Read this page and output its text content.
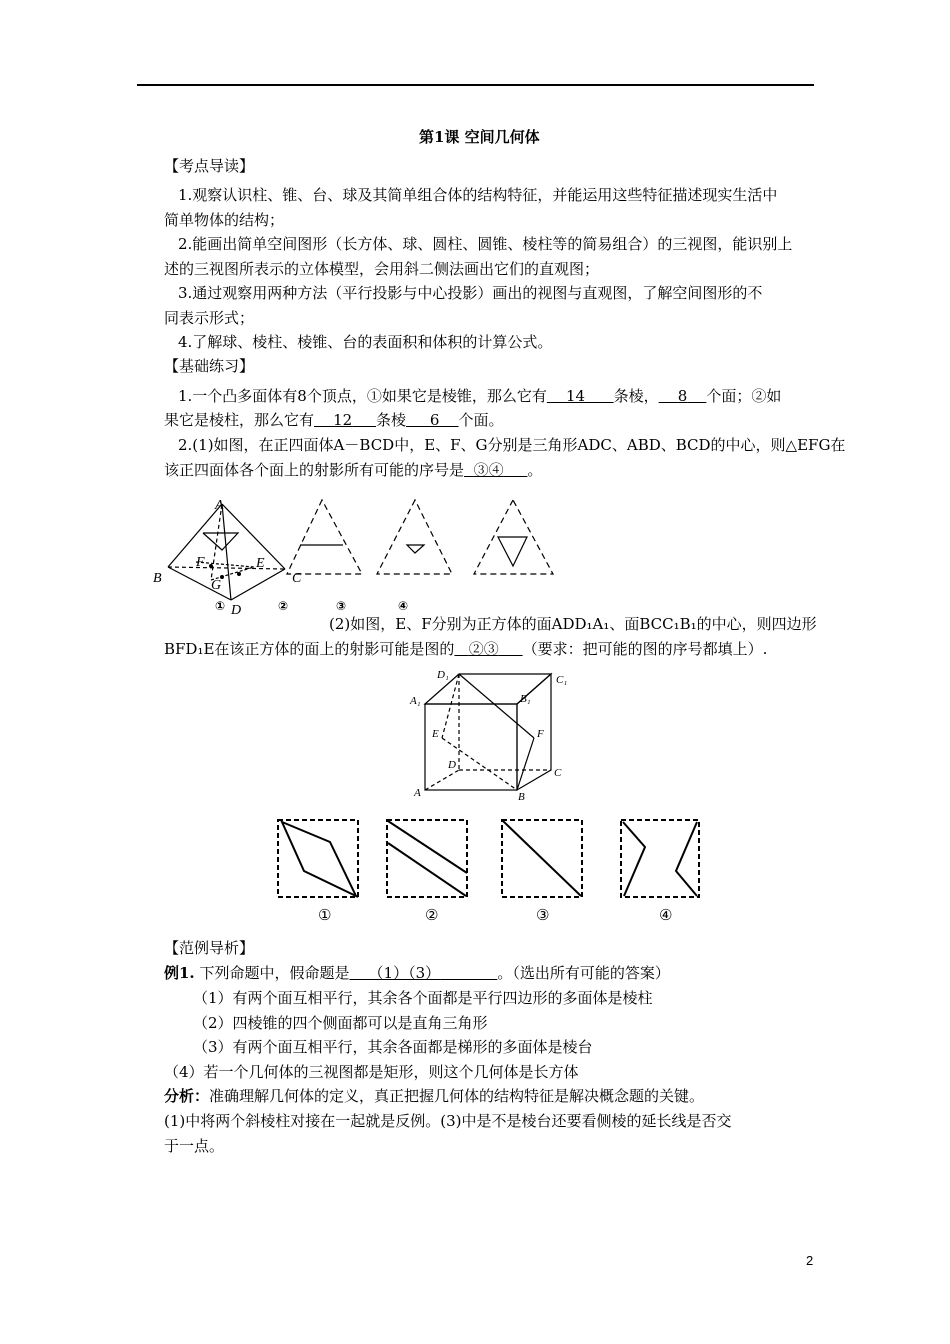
第1课 空间几何体
【考点导读】
1.观察认识柱、锥、台、球及其简单组合体的结构特征，并能运用这些特征描述现实生活中
简单物体的结构；
2.能画出简单空间图形（长方体、球、圆柱、圆锥、棱柱等的简易组合）的三视图，能识别上
述的三视图所表示的立体模型，会用斜二侧法画出它们的直观图；
3.通过观察用两种方法（平行投影与中心投影）画出的视图与直观图，了解空间图形的不
同表示形式；
4.了解球、棱柱、棱锥、台的表面积和体积的计算公式。
【基础练习】
1.一个凸多面体有8个顶点，①如果它是棱锥，那么它有 14 条棱， 8 个面；②如
果它是棱柱，那么它有 12 条棱 6 个面。
2.(1)如图，在正四面体A－BCD中，E、F、G分别是三角形ADC、ABD、BCD的中心，则△EFG在
该正四面体各个面上的射影所有可能的序号是 ③④ 。
A
B	C
D
E
F
G
①	②	③	④
(2)如图，E、F分别为正方体的面ADD₁A₁、面BCC₁B₁的中心，则四边形
BFD₁E在该正方体的面上的射影可能是图的 ②③ （要求：把可能的图的序号都填上）.
D₁	C₁
A₁	B₁
E	F
D
C
A	B
①	②	③	④
【范例导析】
例1. 下列命题中，假命题是 （1）（3）	。（选出所有可能的答案）
（1）有两个面互相平行，其余各个面都是平行四边形的多面体是棱柱
（2）四棱锥的四个侧面都可以是直角三角形
（3）有两个面互相平行，其余各面都是梯形的多面体是棱台
（4）若一个几何体的三视图都是矩形，则这个几何体是长方体
分析：准确理解几何体的定义，真正把握几何体的结构特征是解决概念题的关键。
(1)中将两个斜棱柱对接在一起就是反例。(3)中是不是棱台还要看侧棱的延长线是否交
于一点。
2
